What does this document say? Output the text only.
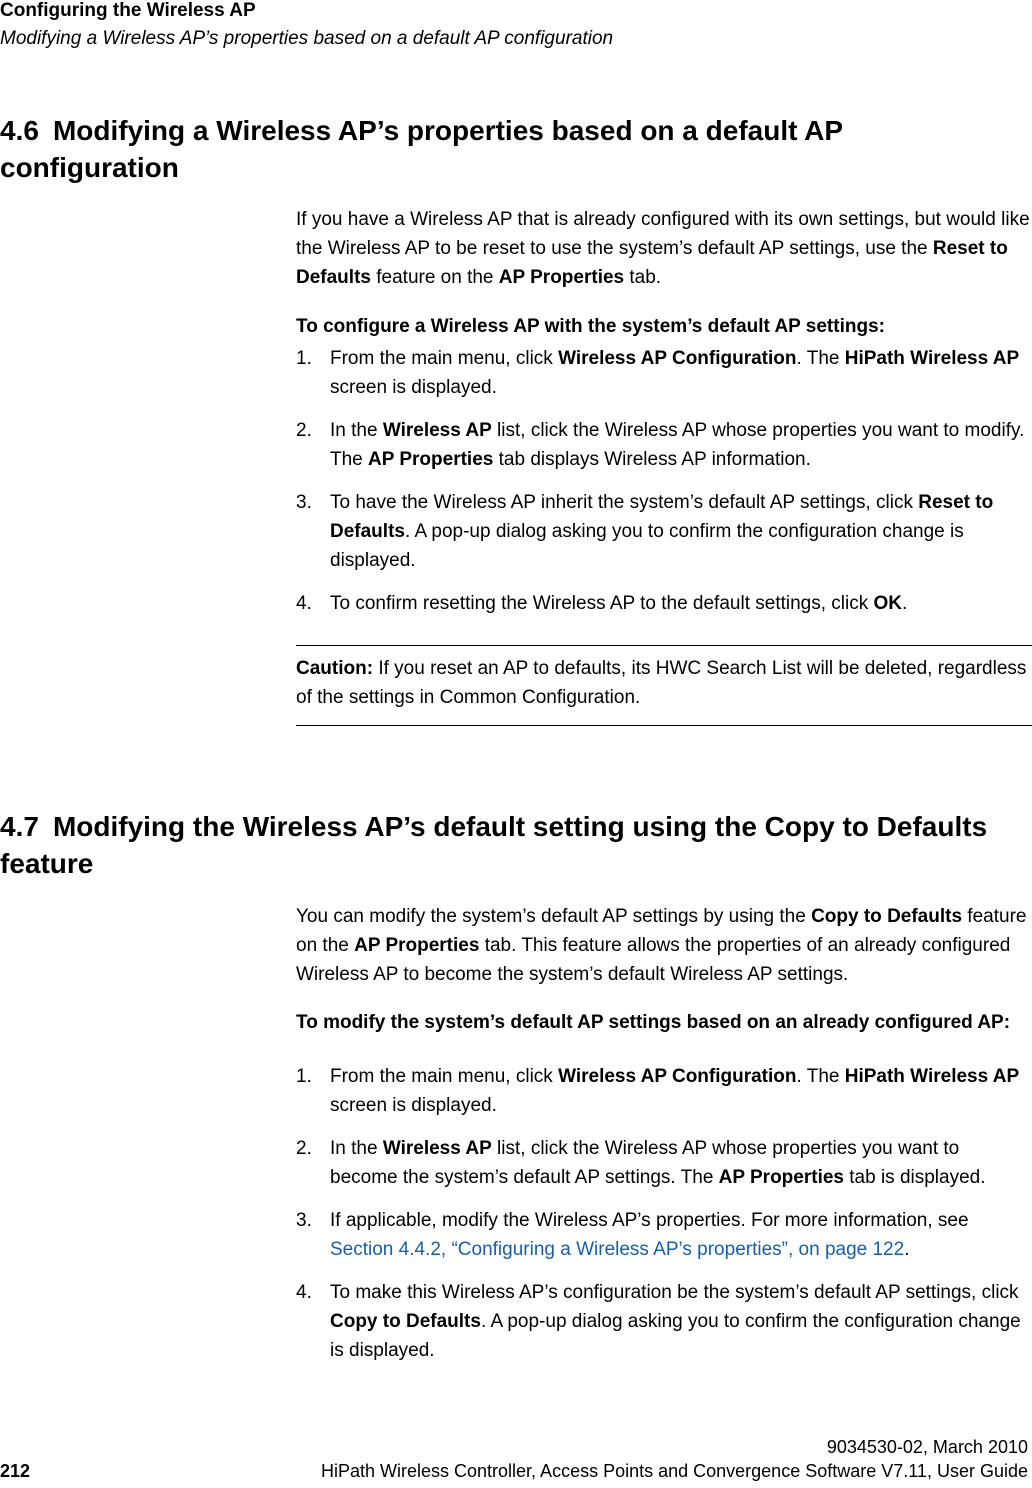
Configuring the Wireless AP
Modifying a Wireless AP’s properties based on a default AP configuration
4.6 Modifying a Wireless AP’s properties based on a default AP configuration

If you have a Wireless AP that is already configured with its own settings, but would like the Wireless AP to be reset to use the system’s default AP settings, use the Reset to Defaults feature on the AP Properties tab.

To configure a Wireless AP with the system’s default AP settings:
1. From the main menu, click Wireless AP Configuration. The HiPath Wireless AP screen is displayed.
2. In the Wireless AP list, click the Wireless AP whose properties you want to modify. The AP Properties tab displays Wireless AP information.
3. To have the Wireless AP inherit the system’s default AP settings, click Reset to Defaults. A pop-up dialog asking you to confirm the configuration change is displayed.
4. To confirm resetting the Wireless AP to the default settings, click OK.
Caution: If you reset an AP to defaults, its HWC Search List will be deleted, regardless of the settings in Common Configuration.
4.7 Modifying the Wireless AP’s default setting using the Copy to Defaults feature

You can modify the system’s default AP settings by using the Copy to Defaults feature on the AP Properties tab. This feature allows the properties of an already configured Wireless AP to become the system’s default Wireless AP settings.

To modify the system’s default AP settings based on an already configured AP:
1. From the main menu, click Wireless AP Configuration. The HiPath Wireless AP screen is displayed.
2. In the Wireless AP list, click the Wireless AP whose properties you want to become the system’s default AP settings. The AP Properties tab is displayed.
3. If applicable, modify the Wireless AP’s properties. For more information, see Section 4.4.2, “Configuring a Wireless AP’s properties”, on page 122.
4. To make this Wireless AP’s configuration be the system’s default AP settings, click Copy to Defaults. A pop-up dialog asking you to confirm the configuration change is displayed.
9034530-02, March 2010
212	HiPath Wireless Controller, Access Points and Convergence Software V7.11, User Guide
